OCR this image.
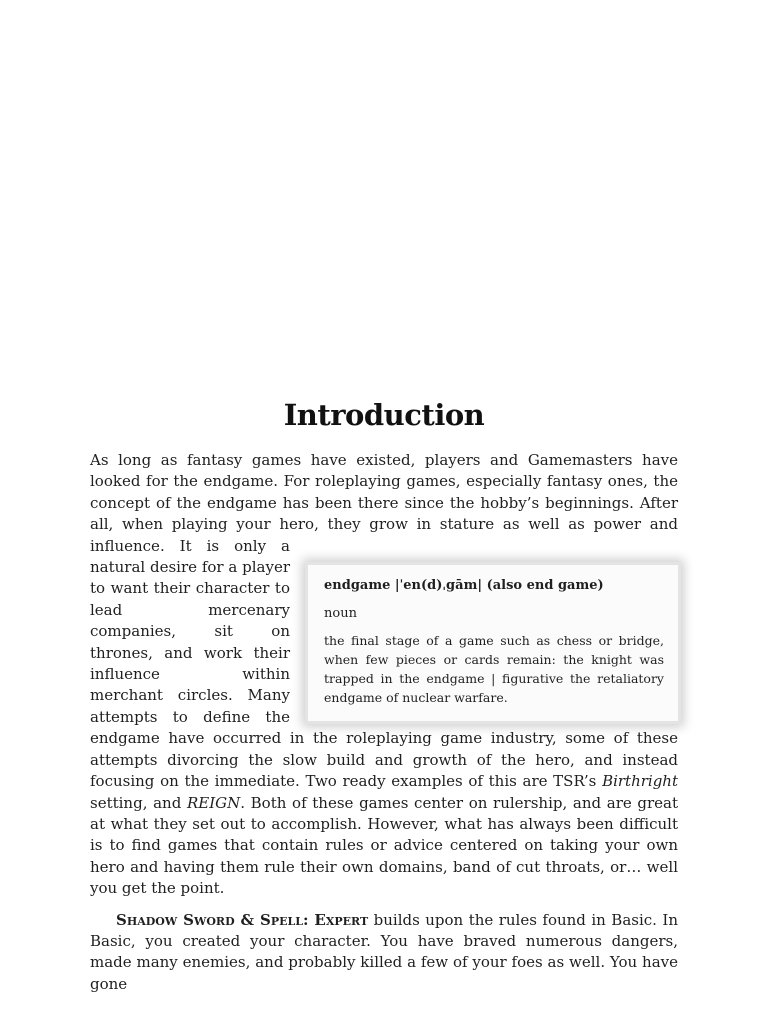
Introduction

As long as fantasy games have existed, players and Gamemasters have looked for the endgame. For roleplaying games, especially fantasy ones, the concept of the endgame has been there since the hobby’s beginnings. After all, when playing your hero, they grow in stature as well as power and influence. It is
endgame |ˈen(d)ˌgām| (also end game)
noun
the final stage of a game such as chess or bridge, when few pieces or cards remain: the knight was trapped in the endgame | figurative the retaliatory endgame of nuclear warfare.
only a natural desire for a player to want their character to lead mercenary companies, sit on thrones, and work their influence within merchant circles. Many attempts to define the endgame have occurred in the roleplaying game industry, some of these attempts divorcing the slow build and growth of the hero, and instead focusing on the immediate. Two ready examples of this are TSR’s Birthright setting, and REIGN. Both of these games center on rulership, and are great at what they set out to accomplish. However, what has always been difficult is to find games that contain rules or advice centered on taking your own hero and having them rule their own domains, band of cut throats, or… well you get the point.

Shadow Sword & Spell: Expert builds upon the rules found in Basic. In Basic, you created your character. You have braved numerous dangers, made many enemies, and probably killed a few of your foes as well. You have gone
